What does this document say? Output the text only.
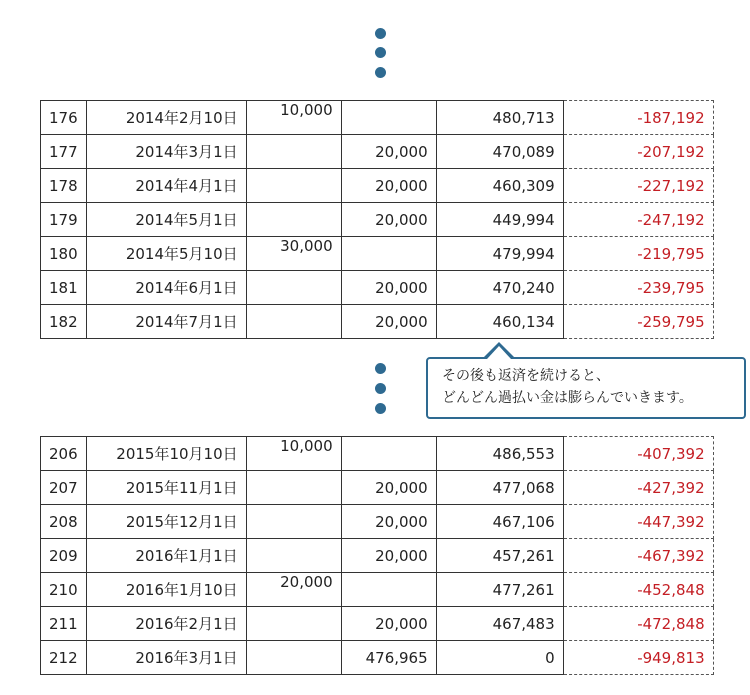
176	2014年2月10日	10,000		480,713	-187,192
177	2014年3月1日		20,000	470,089	-207,192
178	2014年4月1日		20,000	460,309	-227,192
179	2014年5月1日		20,000	449,994	-247,192
180	2014年5月10日	30,000		479,994	-219,795
181	2014年6月1日		20,000	470,240	-239,795
182	2014年7月1日		20,000	460,134	-259,795
その後も返済を続けると、
どんどん過払い金は膨らんでいきます。
206	2015年10月10日	10,000		486,553	-407,392
207	2015年11月1日		20,000	477,068	-427,392
208	2015年12月1日		20,000	467,106	-447,392
209	2016年1月1日		20,000	457,261	-467,392
210	2016年1月10日	20,000		477,261	-452,848
211	2016年2月1日		20,000	467,483	-472,848
212	2016年3月1日		476,965	0	-949,813
